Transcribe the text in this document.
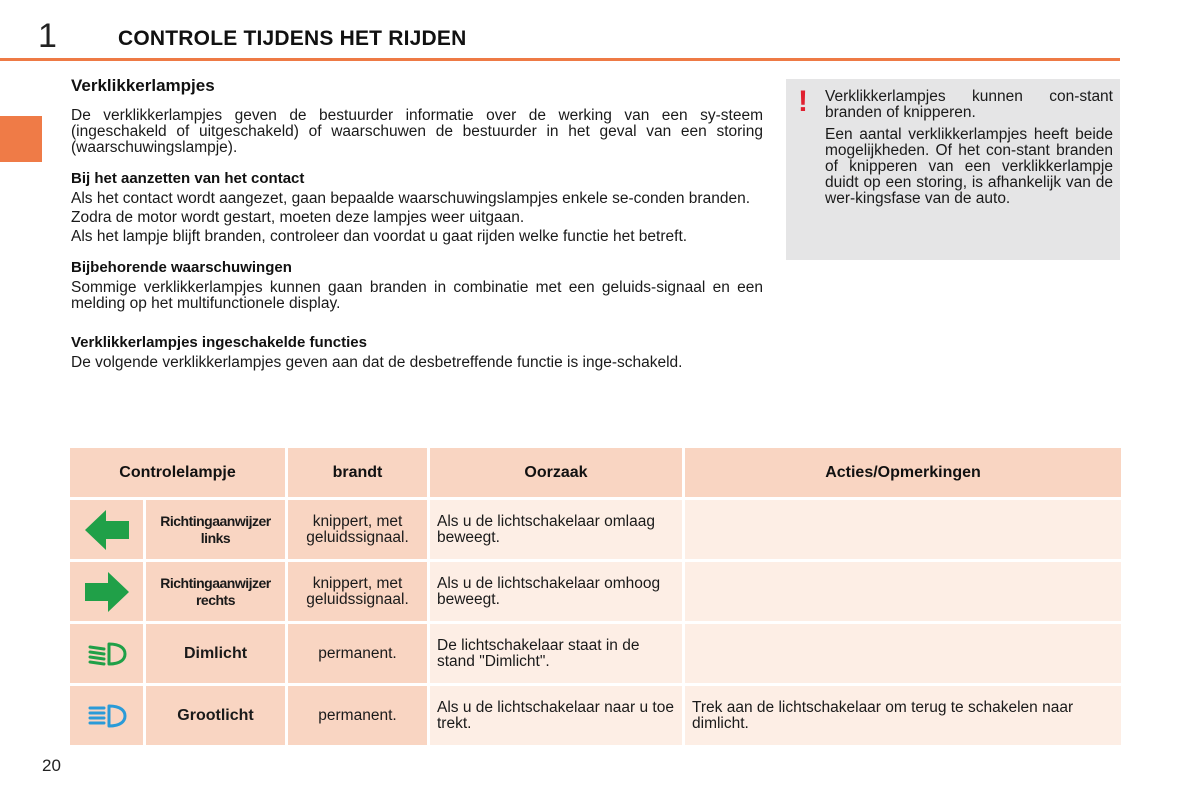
1	CONTROLE TIJDENS HET RIJDEN
Verklikkerlampjes

De verklikkerlampjes geven de bestuurder informatie over de werking van een sy-steem (ingeschakeld of uitgeschakeld) of waarschuwen de bestuurder in het geval van een storing (waarschuwingslampje).

Bij het aanzetten van het contact

Als het contact wordt aangezet, gaan bepaalde waarschuwingslampjes enkele se-conden branden.

Zodra de motor wordt gestart, moeten deze lampjes weer uitgaan.

Als het lampje blijft branden, controleer dan voordat u gaat rijden welke functie het betreft.

Bijbehorende waarschuwingen

Sommige verklikkerlampjes kunnen gaan branden in combinatie met een geluids-signaal en een melding op het multifunctionele display.

Verklikkerlampjes ingeschakelde functies

De volgende verklikkerlampjes geven aan dat de desbetreffende functie is inge-schakeld.

! Verklikkerlampjes kunnen con-stant branden of knipperen.

Een aantal verklikkerlampjes heeft beide mogelijkheden. Of het con-stant branden of knipperen van een verklikkerlampje duidt op een storing, is afhankelijk van de wer-kingsfase van de auto.

Controlelampje		brandt	Oorzaak	Acties/Opmerkingen

	Richtingaanwijzer links	knippert, met geluidssignaal.	Als u de lichtschakelaar omlaag beweegt.	

	Richtingaanwijzer rechts	knippert, met geluidssignaal.	Als u de lichtschakelaar omhoog beweegt.	

	Dimlicht	permanent.	De lichtschakelaar staat in de stand "Dimlicht".	

	Grootlicht	permanent.	Als u de lichtschakelaar naar u toe trekt.	Trek aan de lichtschakelaar om terug te schakelen naar dimlicht.
20
